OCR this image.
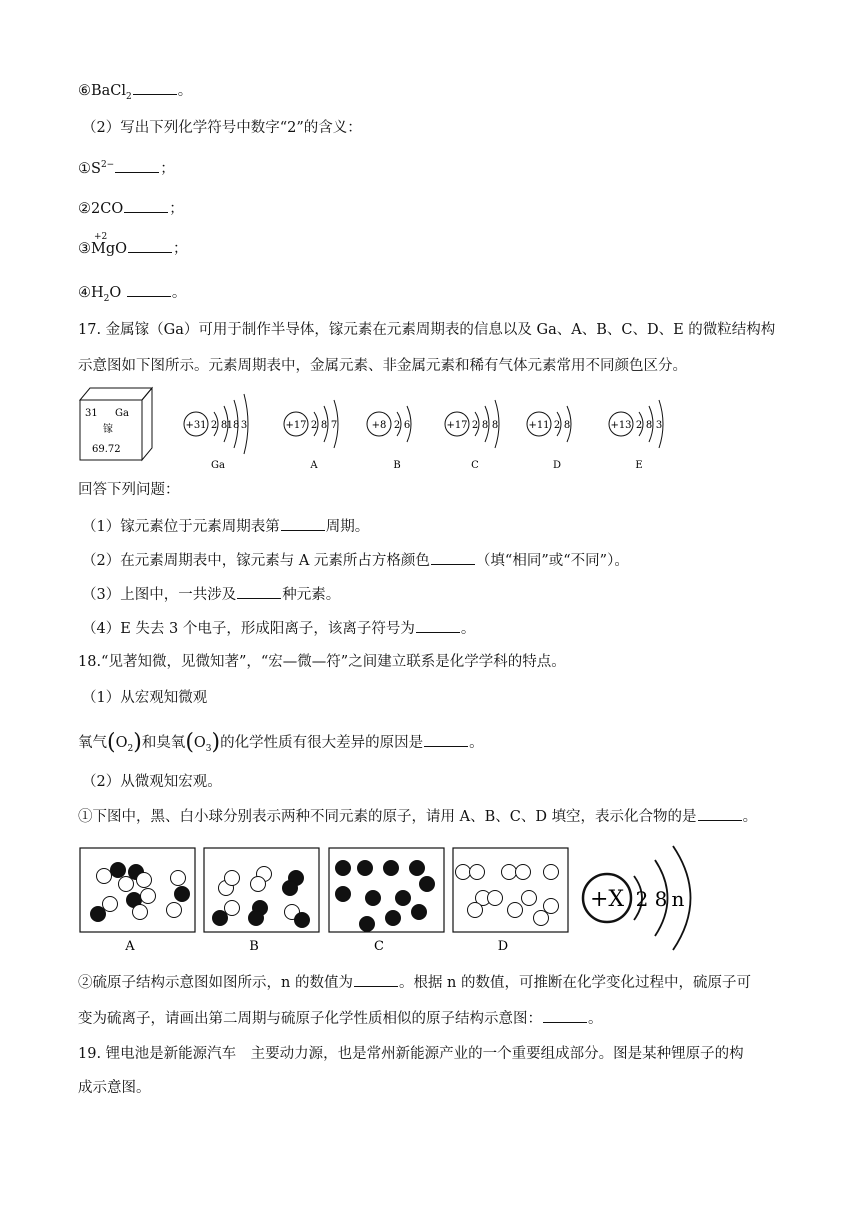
⑥BaCl$_2$	。
（2）写出下列化学符号中数字“2”的含义：
$①S^{2-}$	；
②2CO	；
③
+2
MgO	；
$④H_2O$	。
17. 金属镓（Ga）可用于制作半导体，镓元素在元素周期表的信息以及 Ga、A、B、C、D、E 的微粒结构构
示意图如下图所示。元素周期表中，金属元素、非金属元素和稀有气体元素常用不同颜色区分。
31 Ga
镓
69.72
+31 2 8 18 3
Ga
+17 2 8 7
A
+8 2 6
B
+17 2 8 8
C
+11 2 8
D
+13 2 8 3
E
回答下列问题：
（1）镓元素位于元素周期表第	周期。
（2）在元素周期表中，镓元素与 A 元素所占方格颜色	（填“相同”或“不同”）。
（3）上图中，一共涉及	种元素。
（4）E 失去 3 个电子，形成阳离子，该离子符号为	。
18.“见著知微，见微知著”，“宏—微—符”之间建立联系是化学学科的特点。
（1）从宏观知微观
氧气$(O_2)$和臭氧$(O_3)$的化学性质有很大差异的原因是	。
（2）从微观知宏观。
①下图中，黑、白小球分别表示两种不同元素的原子，请用 A、B、C、D 填空，表示化合物的是	。
A	B	C	D
+X 2 8 n
②硫原子结构示意图如图所示，n 的数值为	。根据 n 的数值，可推断在化学变化过程中，硫原子可
变为硫离子，请画出第二周期与硫原子化学性质相似的原子结构示意图：	。
19. 锂电池是新能源汽车　主要动力源，也是常州新能源产业的一个重要组成部分。图是某种锂原子的构
成示意图。
